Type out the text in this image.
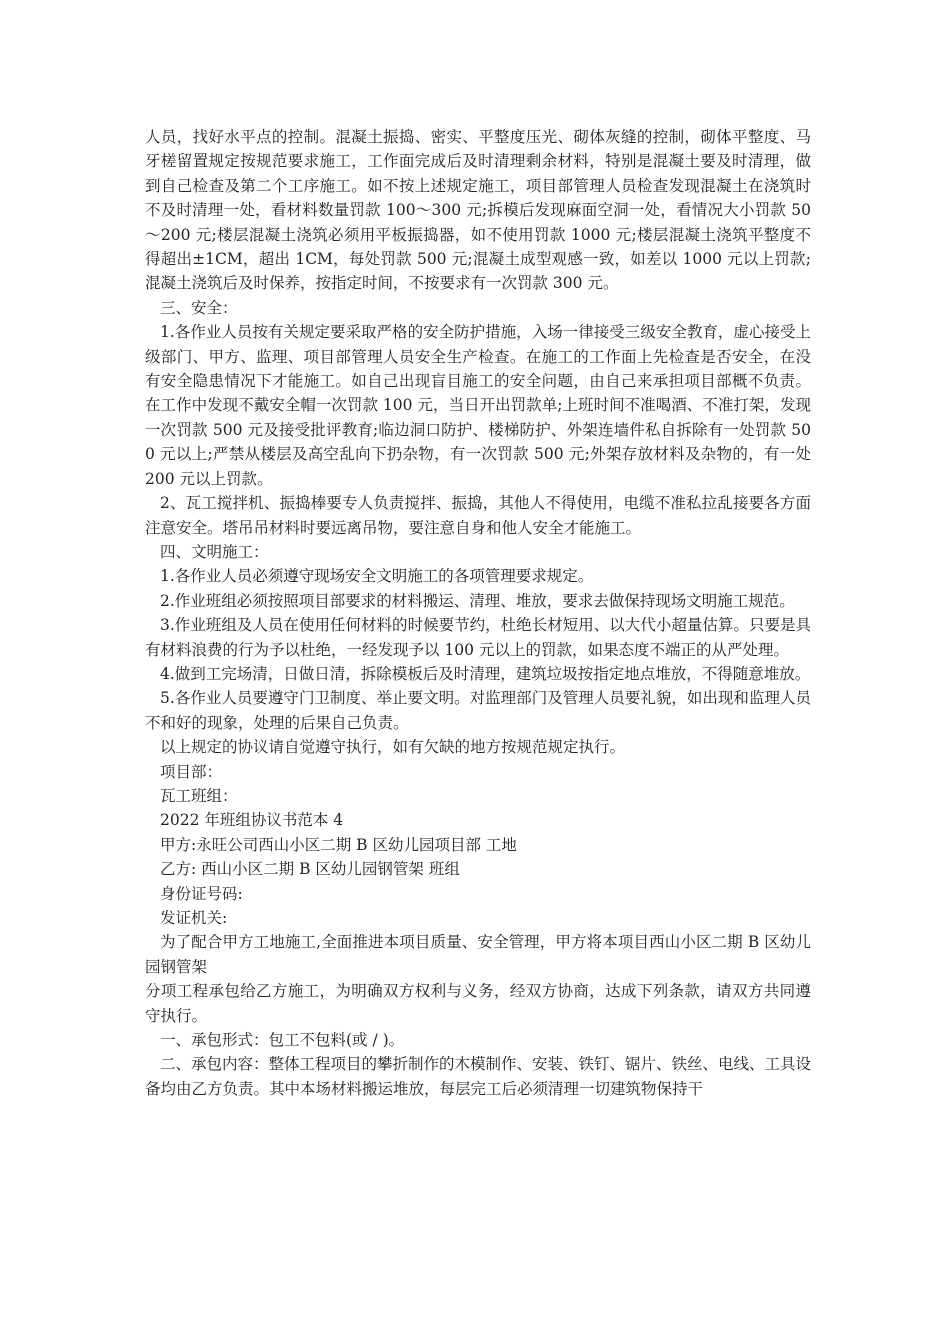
人员，找好水平点的控制。混凝土振捣、密实、平整度压光、砌体灰缝的控制，砌体平整度、马牙槎留置规定按规范要求施工，工作面完成后及时清理剩余材料，特别是混凝土要及时清理，做到自己检查及第二个工序施工。如不按上述规定施工，项目部管理人员检查发现混凝土在浇筑时不及时清理一处，看材料数量罚款 100～300 元;拆模后发现麻面空洞一处，看情况大小罚款 50～200 元;楼层混凝土浇筑必须用平板振捣器，如不使用罚款 1000 元;楼层混凝土浇筑平整度不得超出±1CM，超出 1CM，每处罚款 500 元;混凝土成型观感一致，如差以 1000 元以上罚款;混凝土浇筑后及时保养，按指定时间，不按要求有一次罚款 300 元。

三、安全：

1.各作业人员按有关规定要采取严格的安全防护措施，入场一律接受三级安全教育，虚心接受上级部门、甲方、监理、项目部管理人员安全生产检查。在施工的工作面上先检查是否安全，在没有安全隐患情况下才能施工。如自己出现盲目施工的安全问题，由自己来承担项目部概不负责。在工作中发现不戴安全帽一次罚款 100 元，当日开出罚款单;上班时间不准喝酒、不准打架，发现一次罚款 500 元及接受批评教育;临边洞口防护、楼梯防护、外架连墙件私自拆除有一处罚款 500 元以上;严禁从楼层及高空乱向下扔杂物，有一次罚款 500 元;外架存放材料及杂物的，有一处 200 元以上罚款。

2、瓦工搅拌机、振捣棒要专人负责搅拌、振捣，其他人不得使用，电缆不准私拉乱接要各方面注意安全。塔吊吊材料时要远离吊物，要注意自身和他人安全才能施工。

四、文明施工：

1.各作业人员必须遵守现场安全文明施工的各项管理要求规定。

2.作业班组必须按照项目部要求的材料搬运、清理、堆放，要求去做保持现场文明施工规范。

3.作业班组及人员在使用任何材料的时候要节约，杜绝长材短用、以大代小超量估算。只要是具有材料浪费的行为予以杜绝，一经发现予以 100 元以上的罚款，如果态度不端正的从严处理。

4.做到工完场清，日做日清，拆除模板后及时清理，建筑垃圾按指定地点堆放，不得随意堆放。

5.各作业人员要遵守门卫制度、举止要文明。对监理部门及管理人员要礼貌，如出现和监理人员不和好的现象，处理的后果自己负责。

以上规定的协议请自觉遵守执行，如有欠缺的地方按规范规定执行。

项目部：

瓦工班组：

2022 年班组协议书范本 4

甲方:永旺公司西山小区二期 B 区幼儿园项目部 工地

乙方: 西山小区二期 B 区幼儿园钢管架 班组

身份证号码:

发证机关:

为了配合甲方工地施工,全面推进本项目质量、安全管理，甲方将本项目西山小区二期 B 区幼儿园钢管架

分项工程承包给乙方施工，为明确双方权利与义务，经双方协商，达成下列条款，请双方共同遵守执行。

一、承包形式：包工不包料(或 / )。

二、承包内容：整体工程项目的攀折制作的木模制作、安装、铁钉、锯片、铁丝、电线、工具设备均由乙方负责。其中本场材料搬运堆放，每层完工后必须清理一切建筑物保持干
